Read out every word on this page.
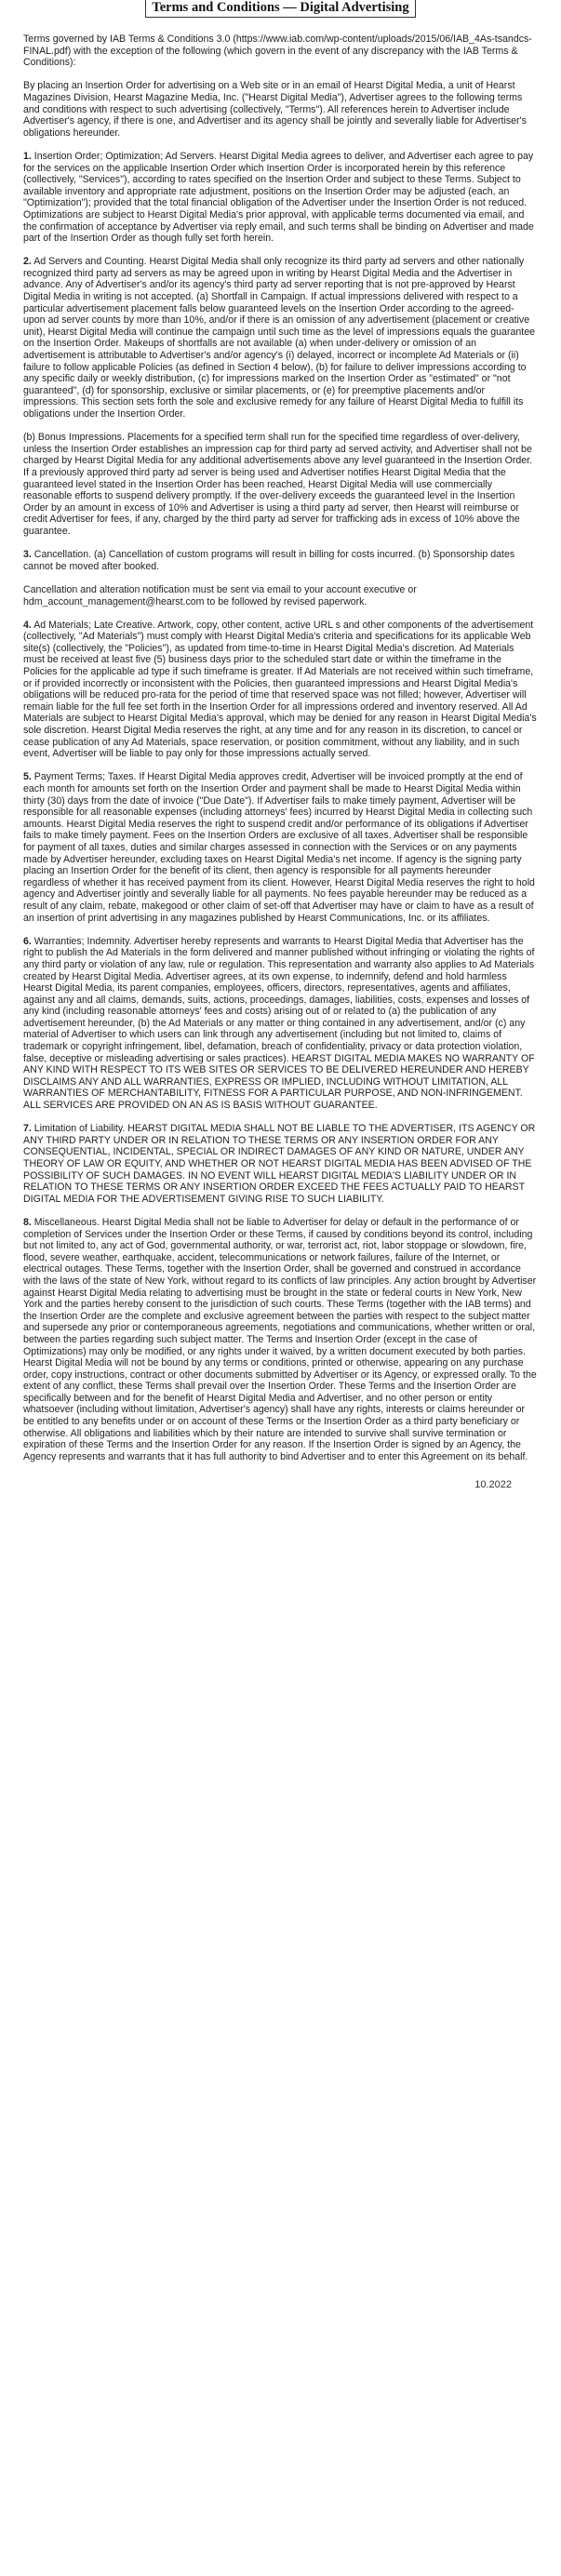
Terms and Conditions — Digital Advertising

Terms governed by IAB Terms & Conditions 3.0 (https://www.iab.com/wp-content/uploads/2015/06/IAB_4As-tsandcs-FINAL.pdf) with the exception of the following (which govern in the event of any discrepancy with the IAB Terms & Conditions):

By placing an Insertion Order for advertising on a Web site or in an email of Hearst Digital Media, a unit of Hearst Magazines Division, Hearst Magazine Media, Inc. ("Hearst Digital Media"), Advertiser agrees to the following terms and conditions with respect to such advertising (collectively, "Terms"). All references herein to Advertiser include Advertiser's agency, if there is one, and Advertiser and its agency shall be jointly and severally liable for Advertiser's obligations hereunder.

1. Insertion Order; Optimization; Ad Servers. Hearst Digital Media agrees to deliver, and Advertiser each agree to pay for the services on the applicable Insertion Order which Insertion Order is incorporated herein by this reference (collectively, "Services"), according to rates specified on the Insertion Order and subject to these Terms. Subject to available inventory and appropriate rate adjustment, positions on the Insertion Order may be adjusted (each, an "Optimization"); provided that the total financial obligation of the Advertiser under the Insertion Order is not reduced. Optimizations are subject to Hearst Digital Media's prior approval, with applicable terms documented via email, and the confirmation of acceptance by Advertiser via reply email, and such terms shall be binding on Advertiser and made part of the Insertion Order as though fully set forth herein.

2. Ad Servers and Counting. Hearst Digital Media shall only recognize its third party ad servers and other nationally recognized third party ad servers as may be agreed upon in writing by Hearst Digital Media and the Advertiser in advance. Any of Advertiser's and/or its agency's third party ad server reporting that is not pre-approved by Hearst Digital Media in writing is not accepted. (a) Shortfall in Campaign. If actual impressions delivered with respect to a particular advertisement placement falls below guaranteed levels on the Insertion Order according to the agreed- upon ad server counts by more than 10%, and/or if there is an omission of any advertisement (placement or creative unit), Hearst Digital Media will continue the campaign until such time as the level of impressions equals the guarantee on the Insertion Order. Makeups of shortfalls are not available (a) when under-delivery or omission of an advertisement is attributable to Advertiser's and/or agency's (i) delayed, incorrect or incomplete Ad Materials or (ii) failure to follow applicable Policies (as defined in Section 4 below), (b) for failure to deliver impressions according to any specific daily or weekly distribution, (c) for impressions marked on the Insertion Order as "estimated" or "not guaranteed", (d) for sponsorship, exclusive or similar placements, or (e) for preemptive placements and/or impressions. This section sets forth the sole and exclusive remedy for any failure of Hearst Digital Media to fulfill its obligations under the Insertion Order.

(b) Bonus Impressions. Placements for a specified term shall run for the specified time regardless of over-delivery, unless the Insertion Order establishes an impression cap for third party ad served activity, and Advertiser shall not be charged by Hearst Digital Media for any additional advertisements above any level guaranteed in the Insertion Order. If a previously approved third party ad server is being used and Advertiser notifies Hearst Digital Media that the guaranteed level stated in the Insertion Order has been reached, Hearst Digital Media will use commercially reasonable efforts to suspend delivery promptly. If the over-delivery exceeds the guaranteed level in the Insertion Order by an amount in excess of 10% and Advertiser is using a third party ad server, then Hearst will reimburse or credit Advertiser for fees, if any, charged by the third party ad server for trafficking ads in excess of 10% above the guarantee.

3. Cancellation. (a) Cancellation of custom programs will result in billing for costs incurred. (b) Sponsorship dates cannot be moved after booked.

Cancellation and alteration notification must be sent via email to your account executive or hdm_account_management@hearst.com to be followed by revised paperwork.

4. Ad Materials; Late Creative. Artwork, copy, other content, active URL s and other components of the advertisement (collectively, "Ad Materials") must comply with Hearst Digital Media's criteria and specifications for its applicable Web site(s) (collectively, the "Policies"), as updated from time-to-time in Hearst Digital Media's discretion. Ad Materials must be received at least five (5) business days prior to the scheduled start date or within the timeframe in the Policies for the applicable ad type if such timeframe is greater. If Ad Materials are not received within such timeframe, or if provided incorrectly or inconsistent with the Policies, then guaranteed impressions and Hearst Digital Media's obligations will be reduced pro-rata for the period of time that reserved space was not filled; however, Advertiser will remain liable for the full fee set forth in the Insertion Order for all impressions ordered and inventory reserved. All Ad Materials are subject to Hearst Digital Media's approval, which may be denied for any reason in Hearst Digital Media's sole discretion. Hearst Digital Media reserves the right, at any time and for any reason in its discretion, to cancel or cease publication of any Ad Materials, space reservation, or position commitment, without any liability, and in such event, Advertiser will be liable to pay only for those impressions actually served.

5. Payment Terms; Taxes. If Hearst Digital Media approves credit, Advertiser will be invoiced promptly at the end of each month for amounts set forth on the Insertion Order and payment shall be made to Hearst Digital Media within thirty (30) days from the date of invoice ("Due Date"). If Advertiser fails to make timely payment, Advertiser will be responsible for all reasonable expenses (including attorneys' fees) incurred by Hearst Digital Media in collecting such amounts. Hearst Digital Media reserves the right to suspend credit and/or performance of its obligations if Advertiser fails to make timely payment. Fees on the Insertion Orders are exclusive of all taxes. Advertiser shall be responsible for payment of all taxes, duties and similar charges assessed in connection with the Services or on any payments made by Advertiser hereunder, excluding taxes on Hearst Digital Media's net income. If agency is the signing party placing an Insertion Order for the benefit of its client, then agency is responsible for all payments hereunder regardless of whether it has received payment from its client. However, Hearst Digital Media reserves the right to hold agency and Advertiser jointly and severally liable for all payments. No fees payable hereunder may be reduced as a result of any claim, rebate, makegood or other claim of set-off that Advertiser may have or claim to have as a result of an insertion of print advertising in any magazines published by Hearst Communications, Inc. or its affiliates.

6. Warranties; Indemnity. Advertiser hereby represents and warrants to Hearst Digital Media that Advertiser has the right to publish the Ad Materials in the form delivered and manner published without infringing or violating the rights of any third party or violation of any law, rule or regulation. This representation and warranty also applies to Ad Materials created by Hearst Digital Media. Advertiser agrees, at its own expense, to indemnify, defend and hold harmless Hearst Digital Media, its parent companies, employees, officers, directors, representatives, agents and affiliates, against any and all claims, demands, suits, actions, proceedings, damages, liabilities, costs, expenses and losses of any kind (including reasonable attorneys' fees and costs) arising out of or related to (a) the publication of any advertisement hereunder, (b) the Ad Materials or any matter or thing contained in any advertisement, and/or (c) any material of Advertiser to which users can link through any advertisement (including but not limited to, claims of trademark or copyright infringement, libel, defamation, breach of confidentiality, privacy or data protection violation, false, deceptive or misleading advertising or sales practices). HEARST DIGITAL MEDIA MAKES NO WARRANTY OF ANY KIND WITH RESPECT TO ITS WEB SITES OR SERVICES TO BE DELIVERED HEREUNDER AND HEREBY DISCLAIMS ANY AND ALL WARRANTIES, EXPRESS OR IMPLIED, INCLUDING WITHOUT LIMITATION, ALL WARRANTIES OF MERCHANTABILITY, FITNESS FOR A PARTICULAR PURPOSE, AND NON-INFRINGEMENT. ALL SERVICES ARE PROVIDED ON AN AS IS BASIS WITHOUT GUARANTEE.

7. Limitation of Liability. HEARST DIGITAL MEDIA SHALL NOT BE LIABLE TO THE ADVERTISER, ITS AGENCY OR ANY THIRD PARTY UNDER OR IN RELATION TO THESE TERMS OR ANY INSERTION ORDER FOR ANY CONSEQUENTIAL, INCIDENTAL, SPECIAL OR INDIRECT DAMAGES OF ANY KIND OR NATURE, UNDER ANY THEORY OF LAW OR EQUITY, AND WHETHER OR NOT HEARST DIGITAL MEDIA HAS BEEN ADVISED OF THE POSSIBILITY OF SUCH DAMAGES. IN NO EVENT WILL HEARST DIGITAL MEDIA'S LIABILITY UNDER OR IN RELATION TO THESE TERMS OR ANY INSERTION ORDER EXCEED THE FEES ACTUALLY PAID TO HEARST DIGITAL MEDIA FOR THE ADVERTISEMENT GIVING RISE TO SUCH LIABILITY.

8. Miscellaneous. Hearst Digital Media shall not be liable to Advertiser for delay or default in the performance of or completion of Services under the Insertion Order or these Terms, if caused by conditions beyond its control, including but not limited to, any act of God, governmental authority, or war, terrorist act, riot, labor stoppage or slowdown, fire, flood, severe weather, earthquake, accident, telecommunications or network failures, failure of the Internet, or electrical outages. These Terms, together with the Insertion Order, shall be governed and construed in accordance with the laws of the state of New York, without regard to its conflicts of law principles. Any action brought by Advertiser against Hearst Digital Media relating to advertising must be brought in the state or federal courts in New York, New York and the parties hereby consent to the jurisdiction of such courts. These Terms (together with the IAB terms) and the Insertion Order are the complete and exclusive agreement between the parties with respect to the subject matter and supersede any prior or contemporaneous agreements, negotiations and communications, whether written or oral, between the parties regarding such subject matter. The Terms and Insertion Order (except in the case of Optimizations) may only be modified, or any rights under it waived, by a written document executed by both parties. Hearst Digital Media will not be bound by any terms or conditions, printed or otherwise, appearing on any purchase order, copy instructions, contract or other documents submitted by Advertiser or its Agency, or expressed orally. To the extent of any conflict, these Terms shall prevail over the Insertion Order. These Terms and the Insertion Order are specifically between and for the benefit of Hearst Digital Media and Advertiser, and no other person or entity whatsoever (including without limitation, Advertiser's agency) shall have any rights, interests or claims hereunder or be entitled to any benefits under or on account of these Terms or the Insertion Order as a third party beneficiary or otherwise. All obligations and liabilities which by their nature are intended to survive shall survive termination or expiration of these Terms and the Insertion Order for any reason. If the Insertion Order is signed by an Agency, the Agency represents and warrants that it has full authority to bind Advertiser and to enter this Agreement on its behalf.

10.2022
